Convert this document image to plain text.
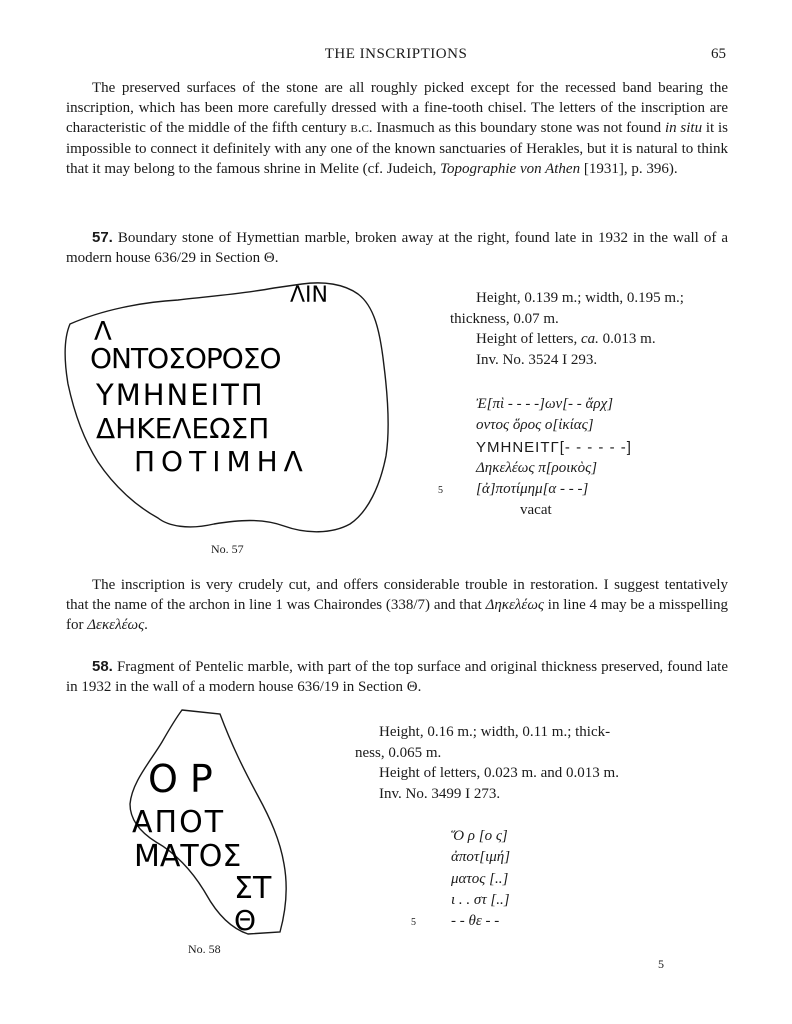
THE INSCRIPTIONS	65
The preserved surfaces of the stone are all roughly picked except for the recessed band bearing the inscription, which has been more carefully dressed with a fine-tooth chisel. The letters of the inscription are characteristic of the middle of the fifth century b.c. Inasmuch as this boundary stone was not found in situ it is impossible to connect it definitely with any one of the known sanctuaries of Herakles, but it is natural to think that it may belong to the famous shrine in Melite (cf. Judeich, Topographie von Athen [1931], p. 396).
57. Boundary stone of Hymettian marble, broken away at the right, found late in 1932 in the wall of a modern house 636/29 in Section Θ.
ΛΙΝ
Λ
ΟΝΤΟΣΟΡΟΣΟ
ΥΜΗΝΕΙΤΠ
ΔΗΚΕΛΕΩΣΠ
ΠΟΤΙΜΗΛ
No. 57
Height, 0.139 m.; width, 0.195 m.;
thickness, 0.07 m.
Height of letters, ca. 0.013 m.
Inv. No. 3524 I 293.
Ἐ[πὶ - - - -]ων[- - ἄρχ]
οντος ὅρος ο[ἰκίας]
ΥΜΗΝΕΙΤΓ[- - - - - -]
Δηκελέως π[ροικὸς]
[ἀ]ποτίμημ[α - - -]
vacat
5
The inscription is very crudely cut, and offers considerable trouble in restoration. I suggest tentatively that the name of the archon in line 1 was Chairondes (338/7) and that Δηκελέως in line 4 may be a misspelling for Δεκελέως.
58. Fragment of Pentelic marble, with part of the top surface and original thickness preserved, found late in 1932 in the wall of a modern house 636/19 in Section Θ.
ΟΡ
ΑΠΟΤ
ΜΑΤΟΣ
ΣΤ
Θ
No. 58
Height, 0.16 m.; width, 0.11 m.; thick-
ness, 0.065 m.
Height of letters, 0.023 m. and 0.013 m.
Inv. No. 3499 I 273.
Ὅ ρ [ο ς]
ἀποτ[ιμή]
ματος [..]
ι . . στ [..]
- - θε - -
5
5
